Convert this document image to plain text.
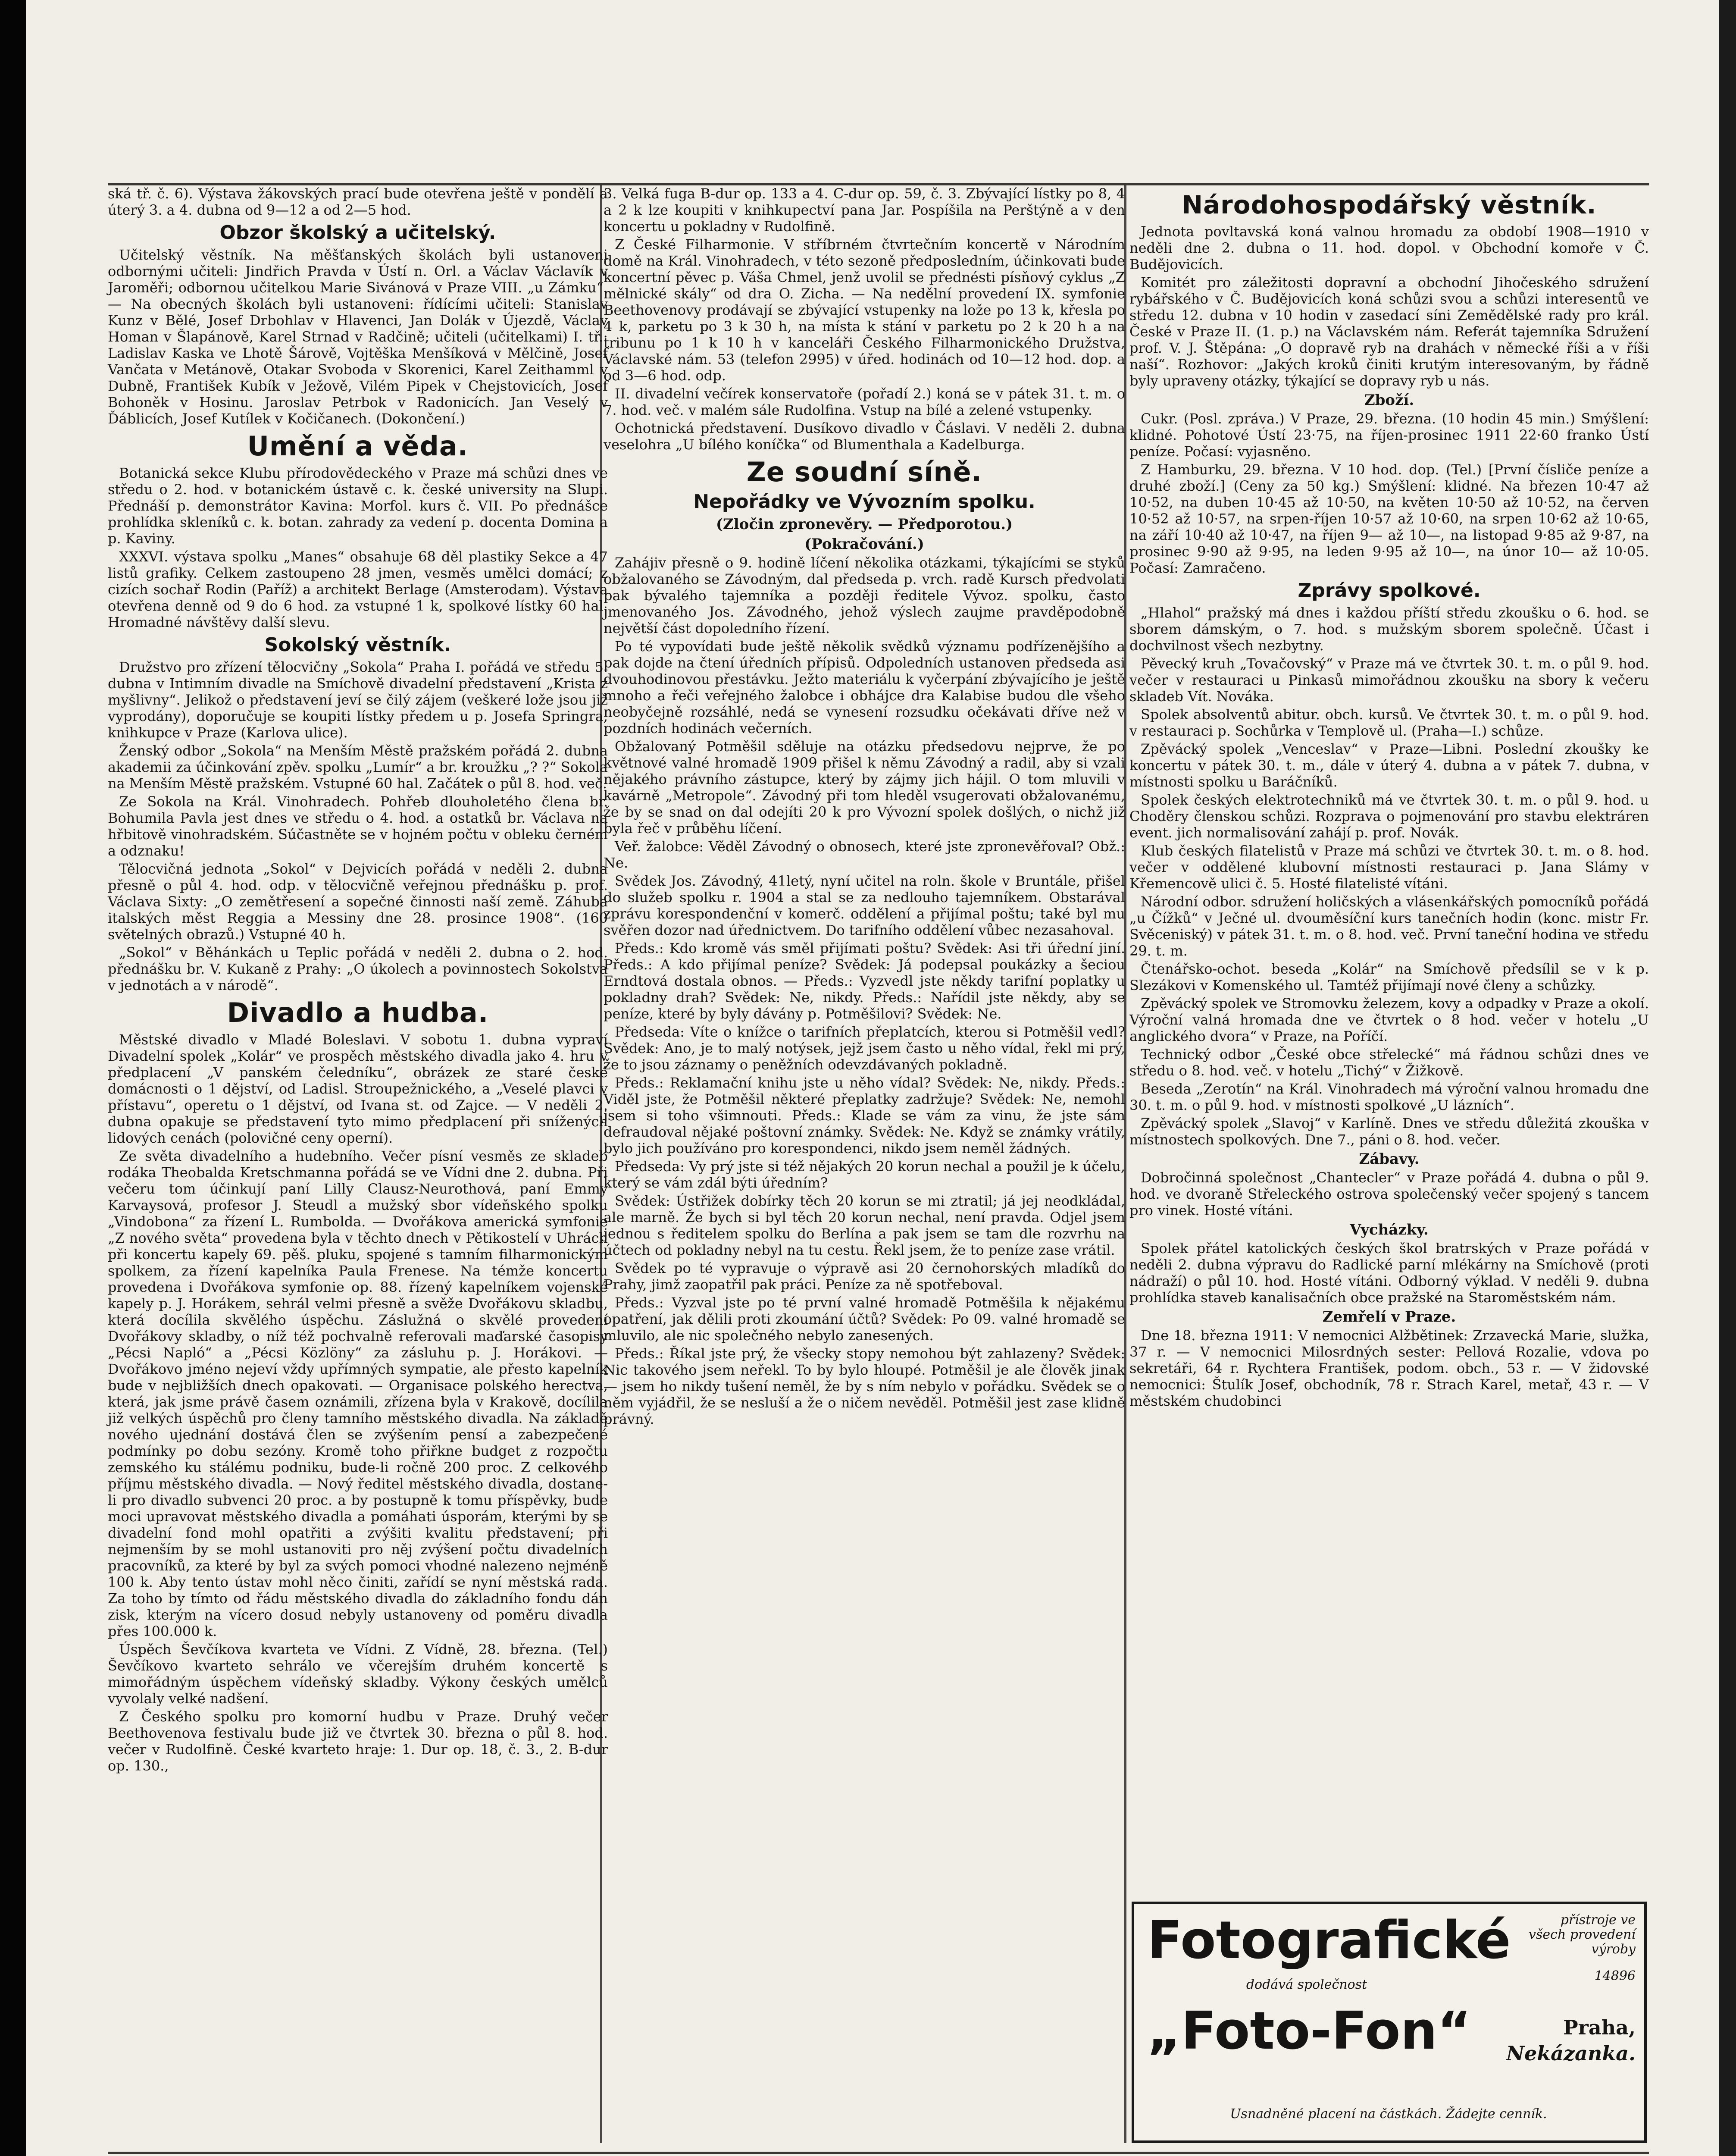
ská tř. č. 6). Výstava žákovských prací bude otevřena ještě v pondělí a úterý 3. a 4. dubna od 9—12 a od 2—5 hod.

Obzor školský a učitelský.

Učitelský věstník. Na měšťanských školách byli ustanoveni odbornými učiteli: Jindřich Pravda v Ústí n. Orl. a Václav Václavík v Jaroměři; odbornou učitelkou Marie Sivánová v Praze VIII. „u Zámku“. — Na obecných školách byli ustanoveni: řídícími učiteli: Stanislav Kunz v Bělé, Josef Drbohlav v Hlavenci, Jan Dolák v Újezdě, Václav Homan v Šlapánově, Karel Strnad v Radčině; učiteli (učitelkami) I. tř.: Ladislav Kaska ve Lhotě Šárově, Vojtěška Menšíková v Mělčině, Josef Vančata v Metánově, Otakar Svoboda v Skorenici, Karel Zeithamml v Dubně, František Kubík v Ježově, Vilém Pipek v Chejstovicích, Josef Bohoněk v Hosinu. Jaroslav Petrbok v Radonicích. Jan Veselý v Ďáblicích, Josef Kutílek v Kočičanech. (Dokončení.)

Umění a věda.

Botanická sekce Klubu přírodovědeckého v Praze má schůzi dnes ve středu o 2. hod. v botanickém ústavě c. k. české university na Slupi. Přednáší p. demonstrátor Kavina: Morfol. kurs č. VII. Po přednášce prohlídka skleníků c. k. botan. zahrady za vedení p. docenta Domina a p. Kaviny.

XXXVI. výstava spolku „Manes“ obsahuje 68 děl plastiky Sekce a 47 listů grafiky. Celkem zastoupeno 28 jmen, vesměs umělci domácí; z cizích sochař Rodin (Paříž) a architekt Berlage (Amsterodam). Výstava otevřena denně od 9 do 6 hod. za vstupné 1 k, spolkové lístky 60 hal. Hromadné návštěvy další slevu.

Sokolský věstník.

Družstvo pro zřízení tělocvičny „Sokola“ Praha I. pořádá ve středu 5. dubna v Intimním divadle na Smíchově divadelní představení „Krista z myšlivny“. Jelikož o představení jeví se čilý zájem (veškeré lože jsou již vyprodány), doporučuje se koupiti lístky předem u p. Josefa Springra, knihkupce v Praze (Karlova ulice).

Ženský odbor „Sokola“ na Menším Městě pražském pořádá 2. dubna akademii za účinkování zpěv. spolku „Lumír“ a br. kroužku „? ?“ Sokola na Menším Městě pražském. Vstupné 60 hal. Začátek o půl 8. hod. več.

Ze Sokola na Král. Vinohradech. Pohřeb dlouholetého člena br. Bohumila Pavla jest dnes ve středu o 4. hod. a ostatků br. Václava na hřbitově vinohradském. Súčastněte se v hojném počtu v obleku černém a odznaku!

Tělocvičná jednota „Sokol“ v Dejvicích pořádá v neděli 2. dubna přesně o půl 4. hod. odp. v tělocvičně veřejnou přednášku p. prof. Václava Sixty: „O zemětřesení a sopečné činnosti naší země. Záhuba italských měst Reggia a Messiny dne 28. prosince 1908“. (160 světelných obrazů.) Vstupné 40 h.

„Sokol“ v Běhánkách u Teplic pořádá v neděli 2. dubna o 2. hod. přednášku br. V. Kukaně z Prahy: „O úkolech a povinnostech Sokolstva v jednotách a v národě“.

Divadlo a hudba.

Městské divadlo v Mladé Boleslavi. V sobotu 1. dubna vypraví Divadelní spolek „Kolár“ ve prospěch městského divadla jako 4. hru v předplacení „V panském čeledníku“, obrázek ze staré české domácnosti o 1 dějství, od Ladisl. Stroupežnického, a „Veselé plavci v přístavu“, operetu o 1 dějství, od Ivana st. od Zajce. — V neděli 2. dubna opakuje se představení tyto mimo předplacení při snížených lidových cenách (polovičné ceny operní).

Ze světa divadelního a hudebního. Večer písní vesměs ze skladeb rodáka Theobalda Kretschmanna pořádá se ve Vídni dne 2. dubna. Při večeru tom účinkují paní Lilly Clausz-Neurothová, paní Emmy Karvaysová, profesor J. Steudl a mužský sbor vídeňského spolku „Vindobona“ za řízení L. Rumbolda. — Dvořákova americká symfonie „Z nového světa“ provedena byla v těchto dnech v Pětikostelí v Uhrách při koncertu kapely 69. pěš. pluku, spojené s tamním filharmonickým spolkem, za řízení kapelníka Paula Frenese. Na témže koncertu provedena i Dvořákova symfonie op. 88. řízený kapelníkem vojenské kapely p. J. Horákem, sehrál velmi přesně a svěže Dvořákovu skladbu, která docílila skvělého úspěchu. Záslužná o skvělé provedení Dvořákovy skladby, o níž též pochvalně referovali maďarské časopisy „Pécsi Napló“ a „Pécsi Közlöny“ za zásluhu p. J. Horákovi. — Dvořákovo jméno nejeví vždy upřímných sympatie, ale přesto kapelník bude v nejbližších dnech opakovati. — Organisace polského herectva, která, jak jsme právě časem oznámili, zřízena byla v Krakově, docílila již velkých úspěchů pro členy tamního městského divadla. Na základě nového ujednání dostává člen se zvýšením pensí a zabezpečené podmínky po dobu sezóny. Kromě toho přiřkne budget z rozpočtu zemského ku stálému podniku, bude-li ročně 200 proc. Z celkového příjmu městského divadla. — Nový ředitel městského divadla, dostane-li pro divadlo subvenci 20 proc. a by postupně k tomu příspěvky, bude moci upravovat městského divadla a pomáhati úsporám, kterými by se divadelní fond mohl opatřiti a zvýšiti kvalitu představení; při nejmenším by se mohl ustanoviti pro něj zvýšení počtu divadelních pracovníků, za které by byl za svých pomoci vhodné nalezeno nejméně 100 k. Aby tento ústav mohl něco činiti, zařídí se nyní městská rada. Za toho by tímto od řádu městského divadla do základního fondu dán zisk, kterým na vícero dosud nebyly ustanoveny od poměru divadla přes 100.000 k.

Úspěch Ševčíkova kvarteta ve Vídni. Z Vídně, 28. března. (Tel.) Ševčíkovo kvarteto sehrálo ve včerejším druhém koncertě s mimořádným úspěchem vídeňský skladby. Výkony českých umělců vyvolaly velké nadšení.

Z Českého spolku pro komorní hudbu v Praze. Druhý večer Beethovenova festivalu bude již ve čtvrtek 30. března o půl 8. hod. večer v Rudolfině. České kvarteto hraje: 1. Dur op. 18, č. 3., 2. B-dur op. 130.,

3. Velká fuga B-dur op. 133 a 4. C-dur op. 59, č. 3. Zbývající lístky po 8, 4 a 2 k lze koupiti v knihkupectví pana Jar. Pospíšila na Perštýně a v den koncertu u pokladny v Rudolfině.

Z České Filharmonie. V stříbrném čtvrtečním koncertě v Národním domě na Král. Vinohradech, v této sezoně předposledním, účinkovati bude koncertní pěvec p. Váša Chmel, jenž uvolil se přednésti písňový cyklus „Z mělnické skály“ od dra O. Zicha. — Na nedělní provedení IX. symfonie Beethovenovy prodávají se zbývající vstupenky na lože po 13 k, křesla po 4 k, parketu po 3 k 30 h, na místa k stání v parketu po 2 k 20 h a na tribunu po 1 k 10 h v kanceláři Českého Filharmonického Družstva, Václavské nám. 53 (telefon 2995) v úřed. hodinách od 10—12 hod. dop. a od 3—6 hod. odp.

II. divadelní večírek konservatoře (pořadí 2.) koná se v pátek 31. t. m. o 7. hod. več. v malém sále Rudolfina. Vstup na bílé a zelené vstupenky.

Ochotnická představení. Dusíkovo divadlo v Čáslavi. V neděli 2. dubna veselohra „U bílého koníčka“ od Blumenthala a Kadelburga.

Ze soudní síně.
Nepořádky ve Vývozním spolku.
(Zločin zpronevěry. — Předporotou.)
(Pokračování.)

Zahájiv přesně o 9. hodině líčení několika otázkami, týkajícími se styků obžalovaného se Závodným, dal předseda p. vrch. radě Kursch předvolati pak bývalého tajemníka a později ředitele Vývoz. spolku, často jmenovaného Jos. Závodného, jehož výslech zaujme pravděpodobně největší část dopoledního řízení.

Po té vypovídati bude ještě několik svědků významu podřízenějšího a pak dojde na čtení úředních přípisů. Odpoledních ustanoven předseda asi dvouhodinovou přestávku. Ježto materiálu k vyčerpání zbývajícího je ještě mnoho a řeči veřejného žalobce i obhájce dra Kalabise budou dle všeho neobyčejně rozsáhlé, nedá se vynesení rozsudku očekávati dříve než v pozdních hodinách večerních.

Obžalovaný Potměšil sděluje na otázku předsedovu nejprve, že po květnové valné hromadě 1909 přišel k němu Závodný a radil, aby si vzali nějakého právního zástupce, který by zájmy jich hájil. O tom mluvili v kavárně „Metropole“. Závodný při tom hleděl vsugerovati obžalovanému, že by se snad on dal odejíti 20 k pro Vývozní spolek došlých, o nichž již byla řeč v průběhu líčení.

Veř. žalobce: Věděl Závodný o obnosech, které jste zpronevěřoval? Obž.: Ne.

Svědek Jos. Závodný, 41letý, nyní učitel na roln. škole v Bruntále, přišel do služeb spolku r. 1904 a stal se za nedlouho tajemníkem. Obstarával zprávu korespondenční v komerč. oddělení a přijímal poštu; také byl mu svěřen dozor nad úřednictvem. Do tarifního oddělení vůbec nezasahoval.

Předs.: Kdo kromě vás směl přijímati poštu? Svědek: Asi tři úřední jiní. Předs.: A kdo přijímal peníze? Svědek: Já podepsal poukázky a šeciou Erndtová dostala obnos. — Předs.: Vyzvedl jste někdy tarifní poplatky u pokladny drah? Svědek: Ne, nikdy. Předs.: Nařídil jste někdy, aby se peníze, které by byly dávány p. Potměšilovi? Svědek: Ne.

Předseda: Víte o knížce o tarifních přeplatcích, kterou si Potměšil vedl? Svědek: Ano, je to malý notýsek, jejž jsem často u něho vídal, řekl mi prý, že to jsou záznamy o peněžních odevzdávaných pokladně.

Předs.: Reklamační knihu jste u něho vídal? Svědek: Ne, nikdy. Předs.: Viděl jste, že Potměšil některé přeplatky zadržuje? Svědek: Ne, nemohl jsem si toho všimnouti. Předs.: Klade se vám za vinu, že jste sám defraudoval nějaké poštovní známky. Svědek: Ne. Když se známky vrátily, bylo jich používáno pro korespondenci, nikdo jsem neměl žádných.

Předseda: Vy prý jste si též nějakých 20 korun nechal a použil je k účelu, který se vám zdál býti úředním?

Svědek: Ústřižek dobírky těch 20 korun se mi ztratil; já jej neodkládal, ale marně. Že bych si byl těch 20 korun nechal, není pravda. Odjel jsem jednou s ředitelem spolku do Berlína a pak jsem se tam dle rozvrhu na účtech od pokladny nebyl na tu cestu. Řekl jsem, že to peníze zase vrátil.

Svědek po té vypravuje o výpravě asi 20 černohorských mladíků do Prahy, jimž zaopatřil pak práci. Peníze za ně spotřeboval.

Předs.: Vyzval jste po té první valné hromadě Potměšila k nějakému opatření, jak dělili proti zkoumání účtů? Svědek: Po 09. valné hromadě se mluvilo, ale nic společného nebylo zanesených.

Předs.: Říkal jste prý, že všecky stopy nemohou být zahlazeny? Svědek: Nic takového jsem neřekl. To by bylo hloupé. Potměšil je ale člověk jinak — jsem ho nikdy tušení neměl, že by s ním nebylo v pořádku. Svědek se o něm vyjádřil, že se nesluší a že o ničem nevěděl. Potměšil jest zase klidně právný.

Národohospodářský věstník.

Jednota povltavská koná valnou hromadu za období 1908—1910 v neděli dne 2. dubna o 11. hod. dopol. v Obchodní komoře v Č. Budějovicích.

Komitét pro záležitosti dopravní a obchodní Jihočeského sdružení rybářského v Č. Budějovicích koná schůzi svou a schůzi interesentů ve středu 12. dubna v 10 hodin v zasedací síni Zemědělské rady pro král. České v Praze II. (1. p.) na Václavském nám. Referát tajemníka Sdružení prof. V. J. Štěpána: „O dopravě ryb na drahách v německé říši a v říši naší“. Rozhovor: „Jakých kroků činiti krutým interesovaným, by řádně byly upraveny otázky, týkající se dopravy ryb u nás.

Zboží.

Cukr. (Posl. zpráva.) V Praze, 29. března. (10 hodin 45 min.) Smýšlení: klidné. Pohotové Ústí 23·75, na říjen-prosinec 1911 22·60 franko Ústí peníze. Počasí: vyjasněno.

Z Hamburku, 29. března. V 10 hod. dop. (Tel.) [První čísliče peníze a druhé zboží.] (Ceny za 50 kg.) Smýšlení: klidné. Na březen 10·47 až 10·52, na duben 10·45 až 10·50, na květen 10·50 až 10·52, na červen 10·52 až 10·57, na srpen-říjen 10·57 až 10·60, na srpen 10·62 až 10·65, na září 10·40 až 10·47, na říjen 9— až 10—, na listopad 9·85 až 9·87, na prosinec 9·90 až 9·95, na leden 9·95 až 10—, na únor 10— až 10·05. Počasí: Zamračeno.

Zprávy spolkové.

„Hlahol“ pražský má dnes i každou příští středu zkoušku o 6. hod. se sborem dámským, o 7. hod. s mužským sborem společně. Účast i dochvilnost všech nezbytny.

Pěvecký kruh „Tovačovský“ v Praze má ve čtvrtek 30. t. m. o půl 9. hod. večer v restauraci u Pinkasů mimořádnou zkoušku na sbory k večeru skladeb Vít. Nováka.

Spolek absolventů abitur. obch. kursů. Ve čtvrtek 30. t. m. o půl 9. hod. v restauraci p. Sochůrka v Templově ul. (Praha—I.) schůze.

Zpěvácký spolek „Venceslav“ v Praze—Libni. Poslední zkoušky ke koncertu v pátek 30. t. m., dále v úterý 4. dubna a v pátek 7. dubna, v místnosti spolku u Baráčníků.

Spolek českých elektrotechniků má ve čtvrtek 30. t. m. o půl 9. hod. u Choděry členskou schůzi. Rozprava o pojmenování pro stavbu elektráren event. jich normalisování zahájí p. prof. Novák.

Klub českých filatelistů v Praze má schůzi ve čtvrtek 30. t. m. o 8. hod. večer v oddělené klubovní místnosti restauraci p. Jana Slámy v Křemencově ulici č. 5. Hosté filatelisté vítáni.

Národní odbor. sdružení holičských a vlásenkářských pomocníků pořádá „u Čížků“ v Ječné ul. dvouměsíční kurs tanečních hodin (konc. mistr Fr. Svěceniský) v pátek 31. t. m. o 8. hod. več. První taneční hodina ve středu 29. t. m.

Čtenářsko-ochot. beseda „Kolár“ na Smíchově předsílil se v k p. Slezákovi v Komenského ul. Tamtéž přijímají nové členy a schůzky.

Zpěvácký spolek ve Stromovku železem, kovy a odpadky v Praze a okolí. Výroční valná hromada dne ve čtvrtek o 8 hod. večer v hotelu „U anglického dvora“ v Praze, na Poříčí.

Technický odbor „České obce střelecké“ má řádnou schůzi dnes ve středu o 8. hod. več. v hotelu „Tichý“ v Žižkově.

Beseda „Zerotín“ na Král. Vinohradech má výroční valnou hromadu dne 30. t. m. o půl 9. hod. v místnosti spolkové „U lázních“.

Zpěvácký spolek „Slavoj“ v Karlíně. Dnes ve středu důležitá zkouška v místnostech spolkových. Dne 7., páni o 8. hod. večer.

Zábavy.

Dobročinná společnost „Chantecler“ v Praze pořádá 4. dubna o půl 9. hod. ve dvoraně Střeleckého ostrova společenský večer spojený s tancem pro vinek. Hosté vítáni.

Vycházky.

Spolek přátel katolických českých škol bratrských v Praze pořádá v neděli 2. dubna výpravu do Radlické parní mlékárny na Smíchově (proti nádraží) o půl 10. hod. Hosté vítáni. Odborný výklad. V neděli 9. dubna prohlídka staveb kanalisačních obce pražské na Staroměstském nám.

Zemřelí v Praze.

Dne 18. března 1911: V nemocnici Alžbětinek: Zrzavecká Marie, služka, 37 r. — V nemocnici Milosrdných sester: Pellová Rozalie, vdova po sekretáři, 64 r. Rychtera František, podom. obch., 53 r. — V židovské nemocnici: Štulík Josef, obchodník, 78 r. Strach Karel, metař, 43 r. — V městském chudobinci

Fotografické	přístroje ve všech provedení výroby
dodává společnost
14896
„Foto-Fon“	Praha,
Nekázanka.
Usnadněné placení na částkách. Žádejte cenník.
